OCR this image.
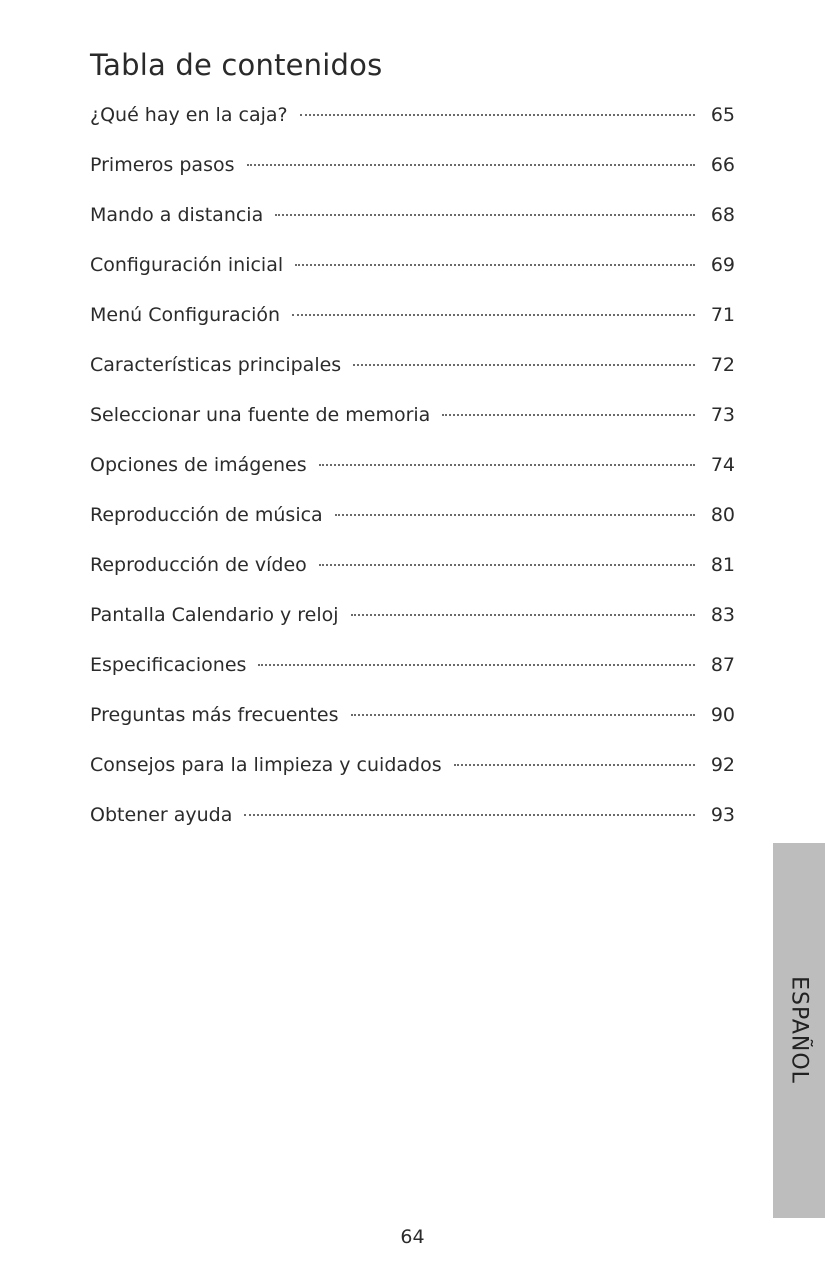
Tabla de contenidos
¿Qué hay en la caja?	65
Primeros pasos	66
Mando a distancia	68
Configuración inicial	69
Menú Configuración	71
Características principales	72
Seleccionar una fuente de memoria	73
Opciones de imágenes	74
Reproducción de música	80
Reproducción de vídeo	81
Pantalla Calendario y reloj	83
Especificaciones	87
Preguntas más frecuentes	90
Consejos para la limpieza y cuidados	92
Obtener ayuda	93
ESPAÑOL
64
